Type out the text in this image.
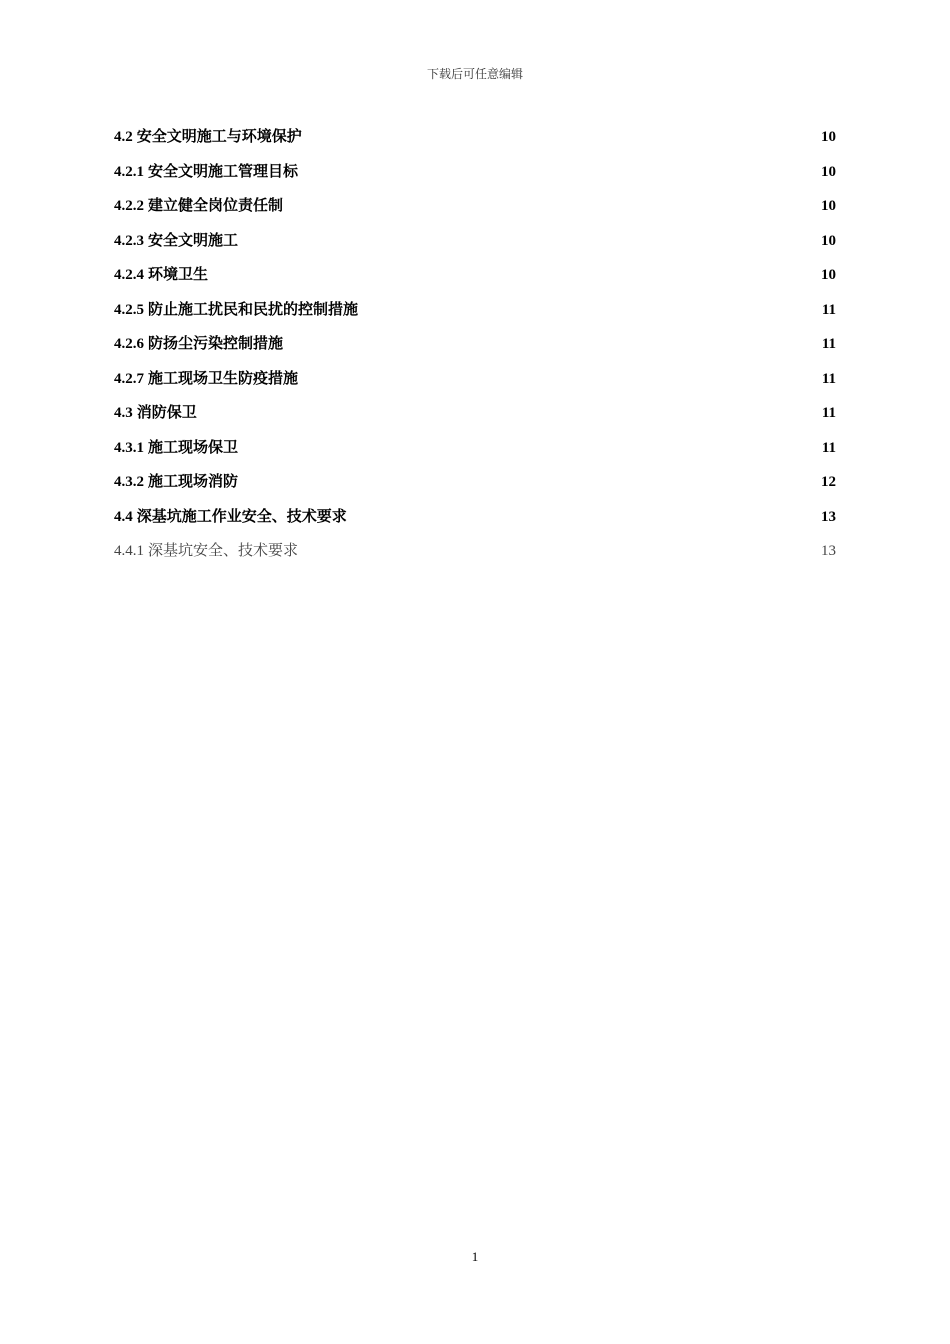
下载后可任意编辑
4.2 安全文明施工与环境保护	10
4.2.1 安全文明施工管理目标	10
4.2.2 建立健全岗位责任制	10
4.2.3 安全文明施工	10
4.2.4 环境卫生	10
4.2.5 防止施工扰民和民扰的控制措施	11
4.2.6 防扬尘污染控制措施	11
4.2.7 施工现场卫生防疫措施	11
4.3 消防保卫	11
4.3.1 施工现场保卫	11
4.3.2 施工现场消防	12
4.4 深基坑施工作业安全、技术要求	13
4.4.1 深基坑安全、技术要求	13
1
